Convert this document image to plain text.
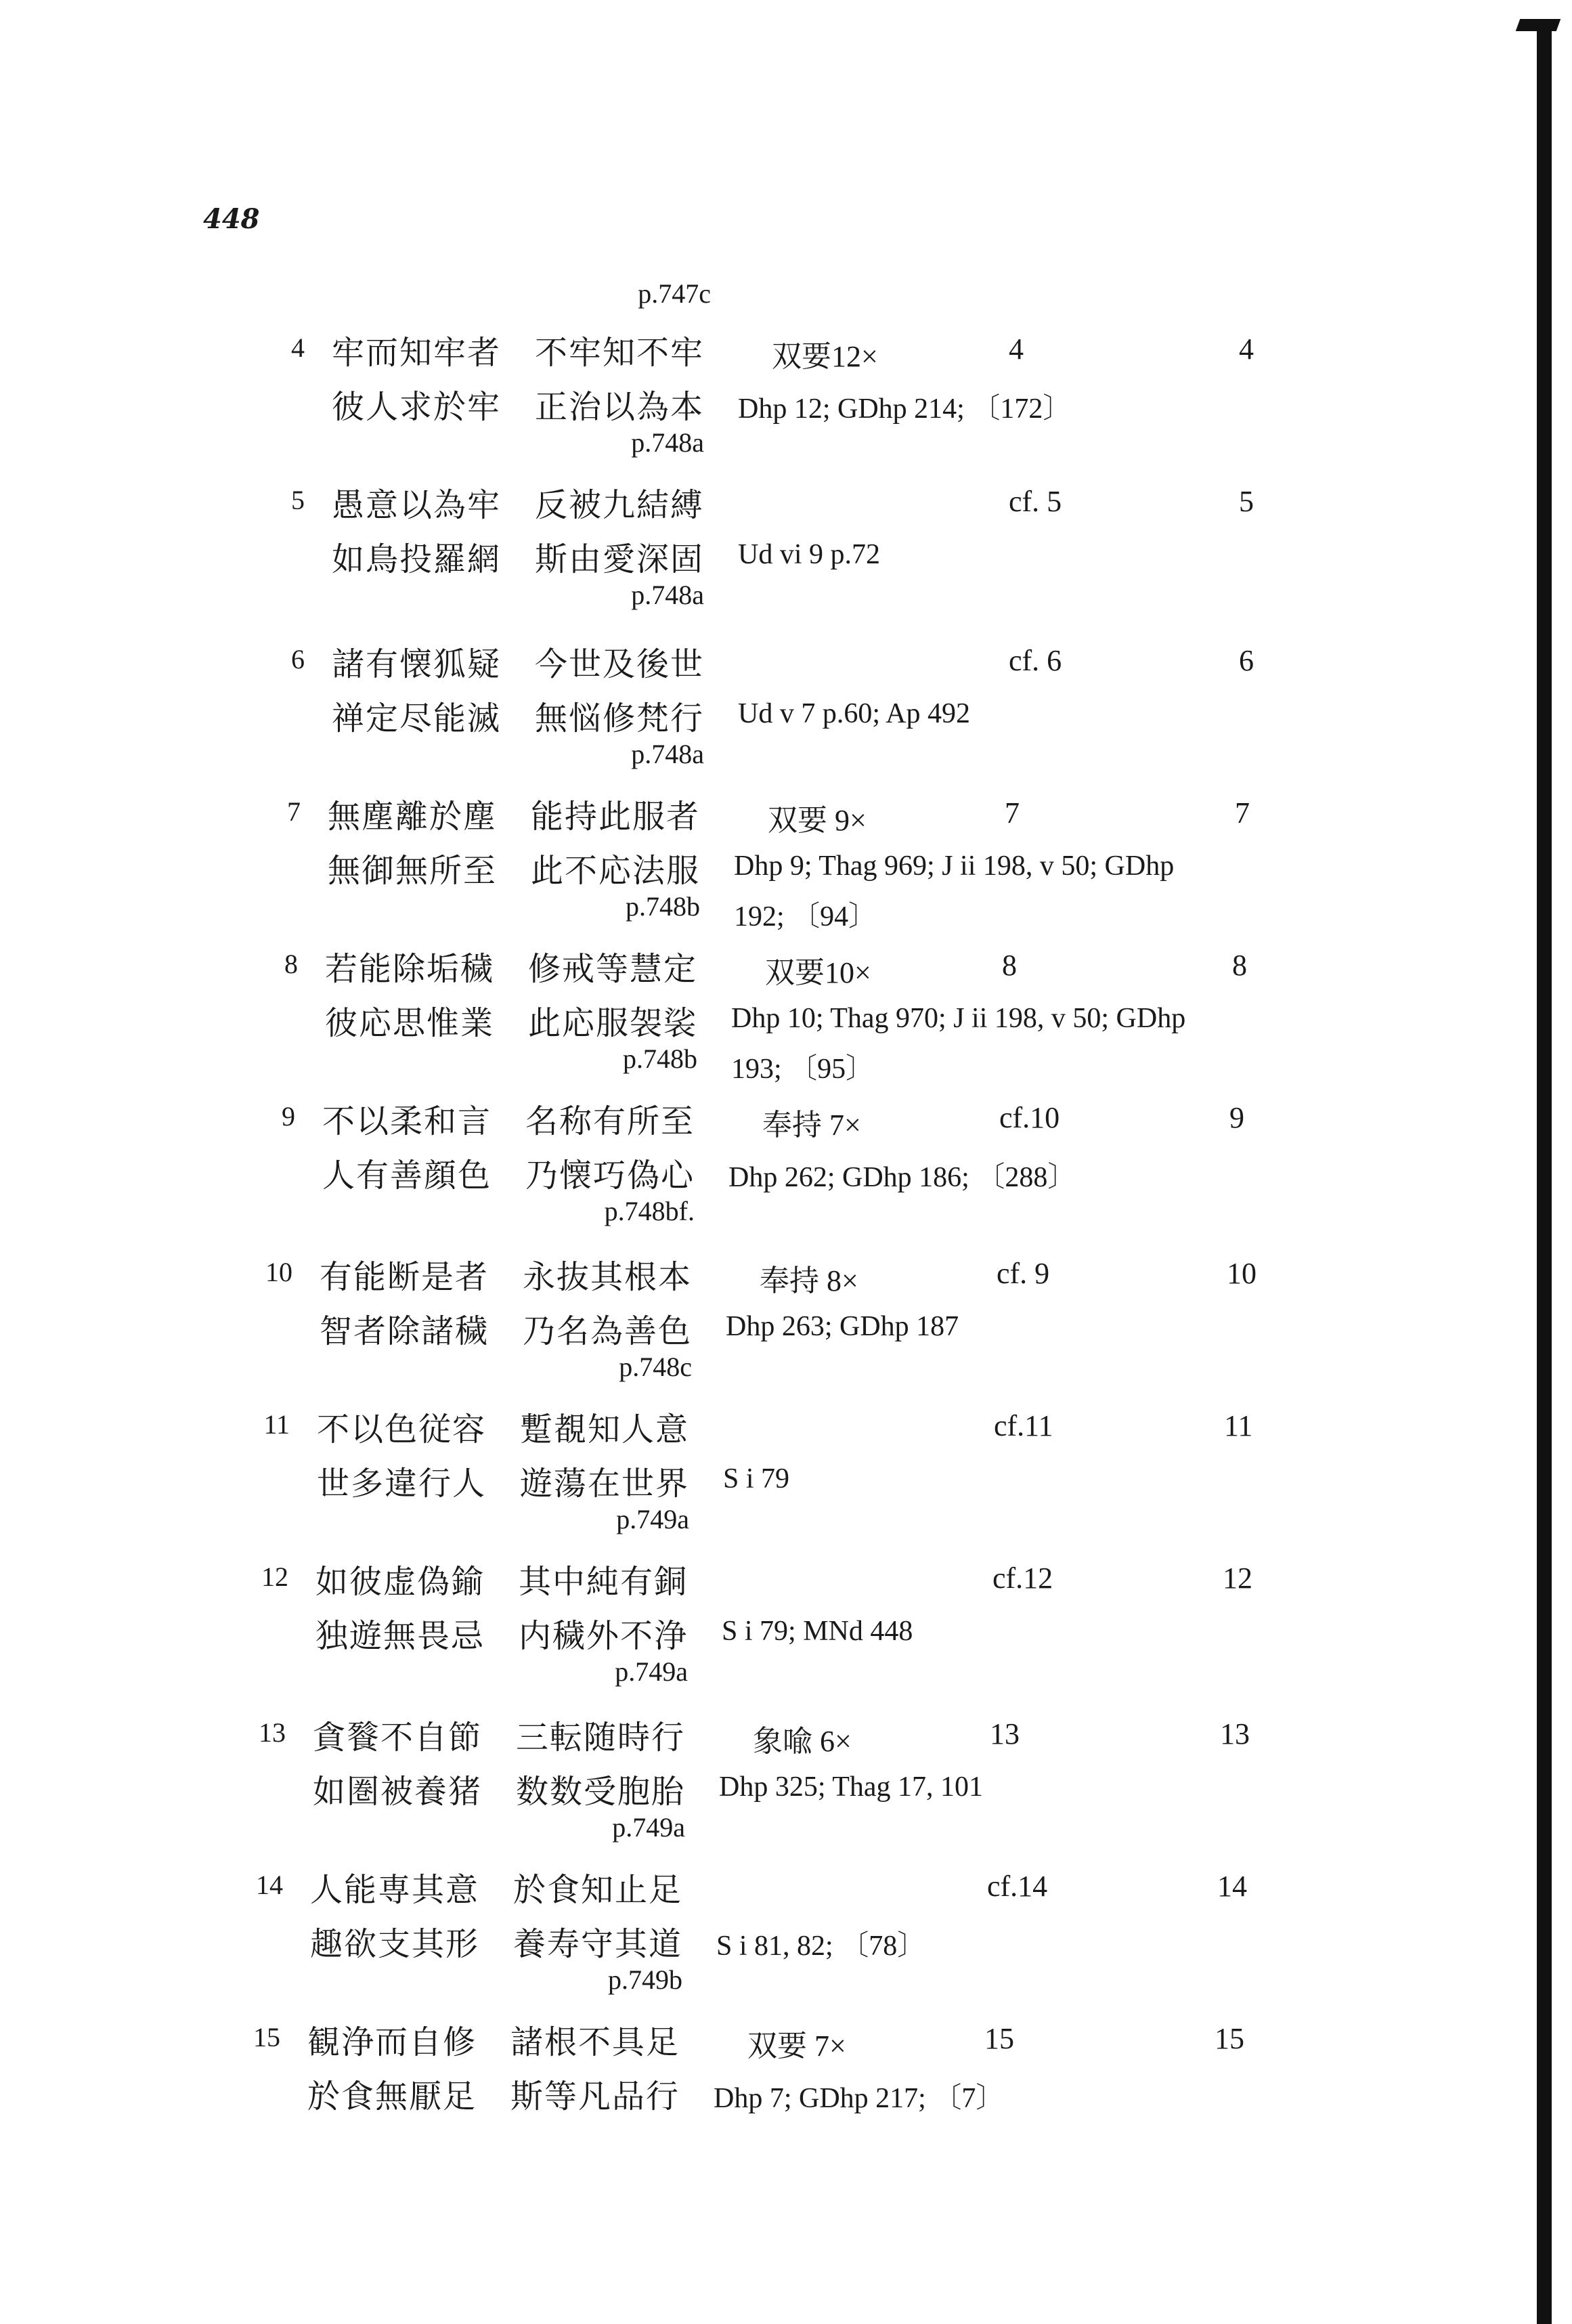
448
p.747c
4 牢而知牢者 不牢知不牢
彼人求於牢 正治以為本
双要12×	4	4
Dhp 12; GDhp 214; 〔172〕
p.748a
5 愚意以為牢 反被九結縛
如鳥投羅網 斯由愛深固
cf. 5	5
Ud vi 9 p.72
p.748a
6 諸有懐狐疑 今世及後世
禅定尽能滅 無悩修梵行
cf. 6	6
Ud v 7 p.60; Ap 492
p.748a
7 無塵離於塵 能持此服者
無御無所至 此不応法服
双要 9×	7	7
Dhp 9; Thag 969; J ii 198, v 50; GDhp
192; 〔94〕
p.748b
8 若能除垢穢 修戒等慧定
彼応思惟業 此応服袈裟
双要10×	8	8
Dhp 10; Thag 970; J ii 198, v 50; GDhp
193; 〔95〕
p.748b
9 不以柔和言 名称有所至
人有善顔色 乃懐巧偽心
奉持 7×	cf.10	9
Dhp 262; GDhp 186; 〔288〕
p.748bf.
10 有能断是者 永抜其根本
智者除諸穢 乃名為善色
奉持 8×	cf. 9	10
Dhp 263; GDhp 187
p.748c
11 不以色従容 蹔覩知人意
世多違行人 遊蕩在世界
cf.11	11
S i 79
p.749a
12 如彼虚偽鍮 其中純有銅
独遊無畏忌 内穢外不浄
cf.12	12
S i 79; MNd 448
p.749a
13 貪餮不自節 三転随時行
如圏被養猪 数数受胞胎
象喩 6×	13	13
Dhp 325; Thag 17, 101
p.749a
14 人能専其意 於食知止足
趣欲支其形 養寿守其道
cf.14	14
S i 81, 82; 〔78〕
p.749b
15 観浄而自修 諸根不具足
於食無厭足 斯等凡品行
双要 7×	15	15
Dhp 7; GDhp 217; 〔7〕
